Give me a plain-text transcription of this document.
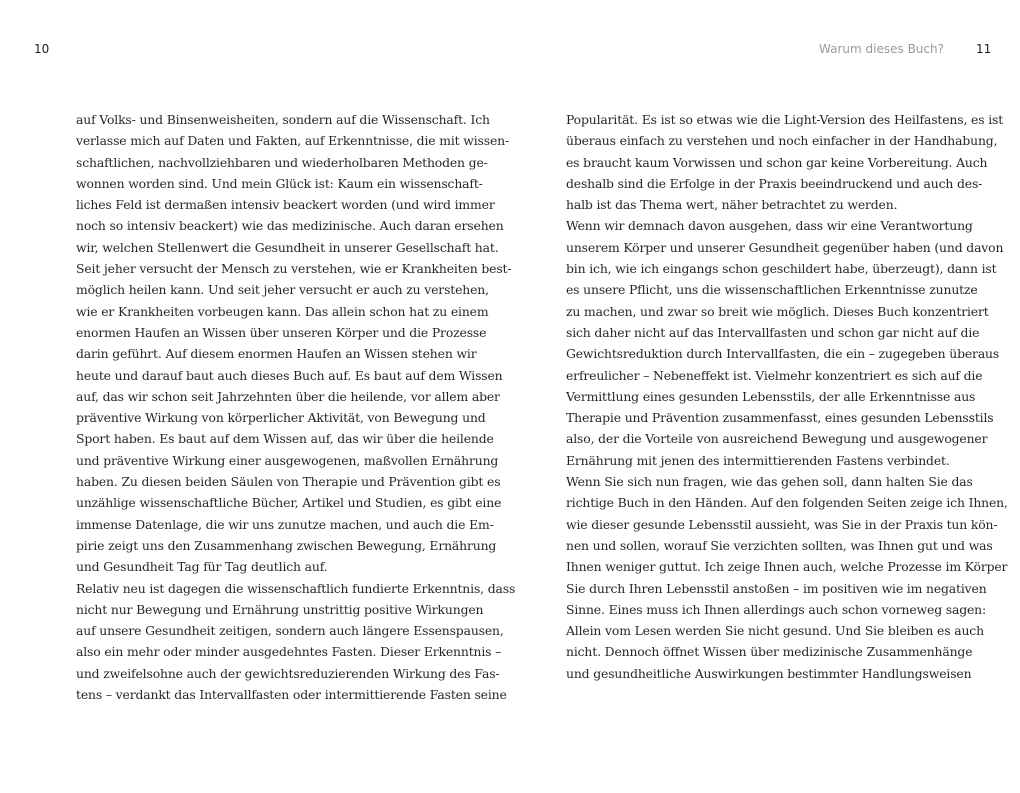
10	Warum dieses Buch?	11
auf Volks- und Binsenweisheiten, sondern auf die Wissenschaft. Ich
verlasse mich auf Daten und Fakten, auf Erkenntnisse, die mit wissen-
schaftlichen, nachvollziehbaren und wiederholbaren Methoden ge-
wonnen worden sind. Und mein Glück ist: Kaum ein wissenschaft-
liches Feld ist dermaßen intensiv beackert worden (und wird immer
noch so intensiv beackert) wie das medizinische. Auch daran ersehen
wir, welchen Stellenwert die Gesundheit in unserer Gesellschaft hat.
Seit jeher versucht der Mensch zu verstehen, wie er Krankheiten best-
möglich heilen kann. Und seit jeher versucht er auch zu verstehen,
wie er Krankheiten vorbeugen kann. Das allein schon hat zu einem
enormen Haufen an Wissen über unseren Körper und die Prozesse
darin geführt. Auf diesem enormen Haufen an Wissen stehen wir
heute und darauf baut auch dieses Buch auf. Es baut auf dem Wissen
auf, das wir schon seit Jahrzehnten über die heilende, vor allem aber
präventive Wirkung von körperlicher Aktivität, von Bewegung und
Sport haben. Es baut auf dem Wissen auf, das wir über die heilende
und präventive Wirkung einer ausgewogenen, maßvollen Ernährung
haben. Zu diesen beiden Säulen von Therapie und Prävention gibt es
unzählige wissenschaftliche Bücher, Artikel und Studien, es gibt eine
immense Datenlage, die wir uns zunutze machen, und auch die Em-
pirie zeigt uns den Zusammenhang zwischen Bewegung, Ernährung
und Gesundheit Tag für Tag deutlich auf.
Relativ neu ist dagegen die wissenschaftlich fundierte Erkenntnis, dass
nicht nur Bewegung und Ernährung unstrittig positive Wirkungen
auf unsere Gesundheit zeitigen, sondern auch längere Essenspausen,
also ein mehr oder minder ausgedehntes Fasten. Dieser Erkenntnis –
und zweifelsohne auch der gewichtsreduzierenden Wirkung des Fas-
tens – verdankt das Intervallfasten oder intermittierende Fasten seine
Popularität. Es ist so etwas wie die Light-Version des Heilfastens, es ist
überaus einfach zu verstehen und noch einfacher in der Handhabung,
es braucht kaum Vorwissen und schon gar keine Vorbereitung. Auch
deshalb sind die Erfolge in der Praxis beeindruckend und auch des-
halb ist das Thema wert, näher betrachtet zu werden.
Wenn wir demnach davon ausgehen, dass wir eine Verantwortung
unserem Körper und unserer Gesundheit gegenüber haben (und davon
bin ich, wie ich eingangs schon geschildert habe, überzeugt), dann ist
es unsere Pflicht, uns die wissenschaftlichen Erkenntnisse zunutze
zu machen, und zwar so breit wie möglich. Dieses Buch konzentriert
sich daher nicht auf das Intervallfasten und schon gar nicht auf die
Gewichtsreduktion durch Intervallfasten, die ein – zugegeben überaus
erfreulicher – Nebeneffekt ist. Vielmehr konzentriert es sich auf die
Vermittlung eines gesunden Lebensstils, der alle Erkenntnisse aus
Therapie und Prävention zusammenfasst, eines gesunden Lebensstils
also, der die Vorteile von ausreichend Bewegung und ausgewogener
Ernährung mit jenen des intermittierenden Fastens verbindet.
Wenn Sie sich nun fragen, wie das gehen soll, dann halten Sie das
richtige Buch in den Händen. Auf den folgenden Seiten zeige ich Ihnen,
wie dieser gesunde Lebensstil aussieht, was Sie in der Praxis tun kön-
nen und sollen, worauf Sie verzichten sollten, was Ihnen gut und was
Ihnen weniger guttut. Ich zeige Ihnen auch, welche Prozesse im Körper
Sie durch Ihren Lebensstil anstoßen – im positiven wie im negativen
Sinne. Eines muss ich Ihnen allerdings auch schon vorneweg sagen:
Allein vom Lesen werden Sie nicht gesund. Und Sie bleiben es auch
nicht. Dennoch öffnet Wissen über medizinische Zusammenhänge
und gesundheitliche Auswirkungen bestimmter Handlungsweisen
